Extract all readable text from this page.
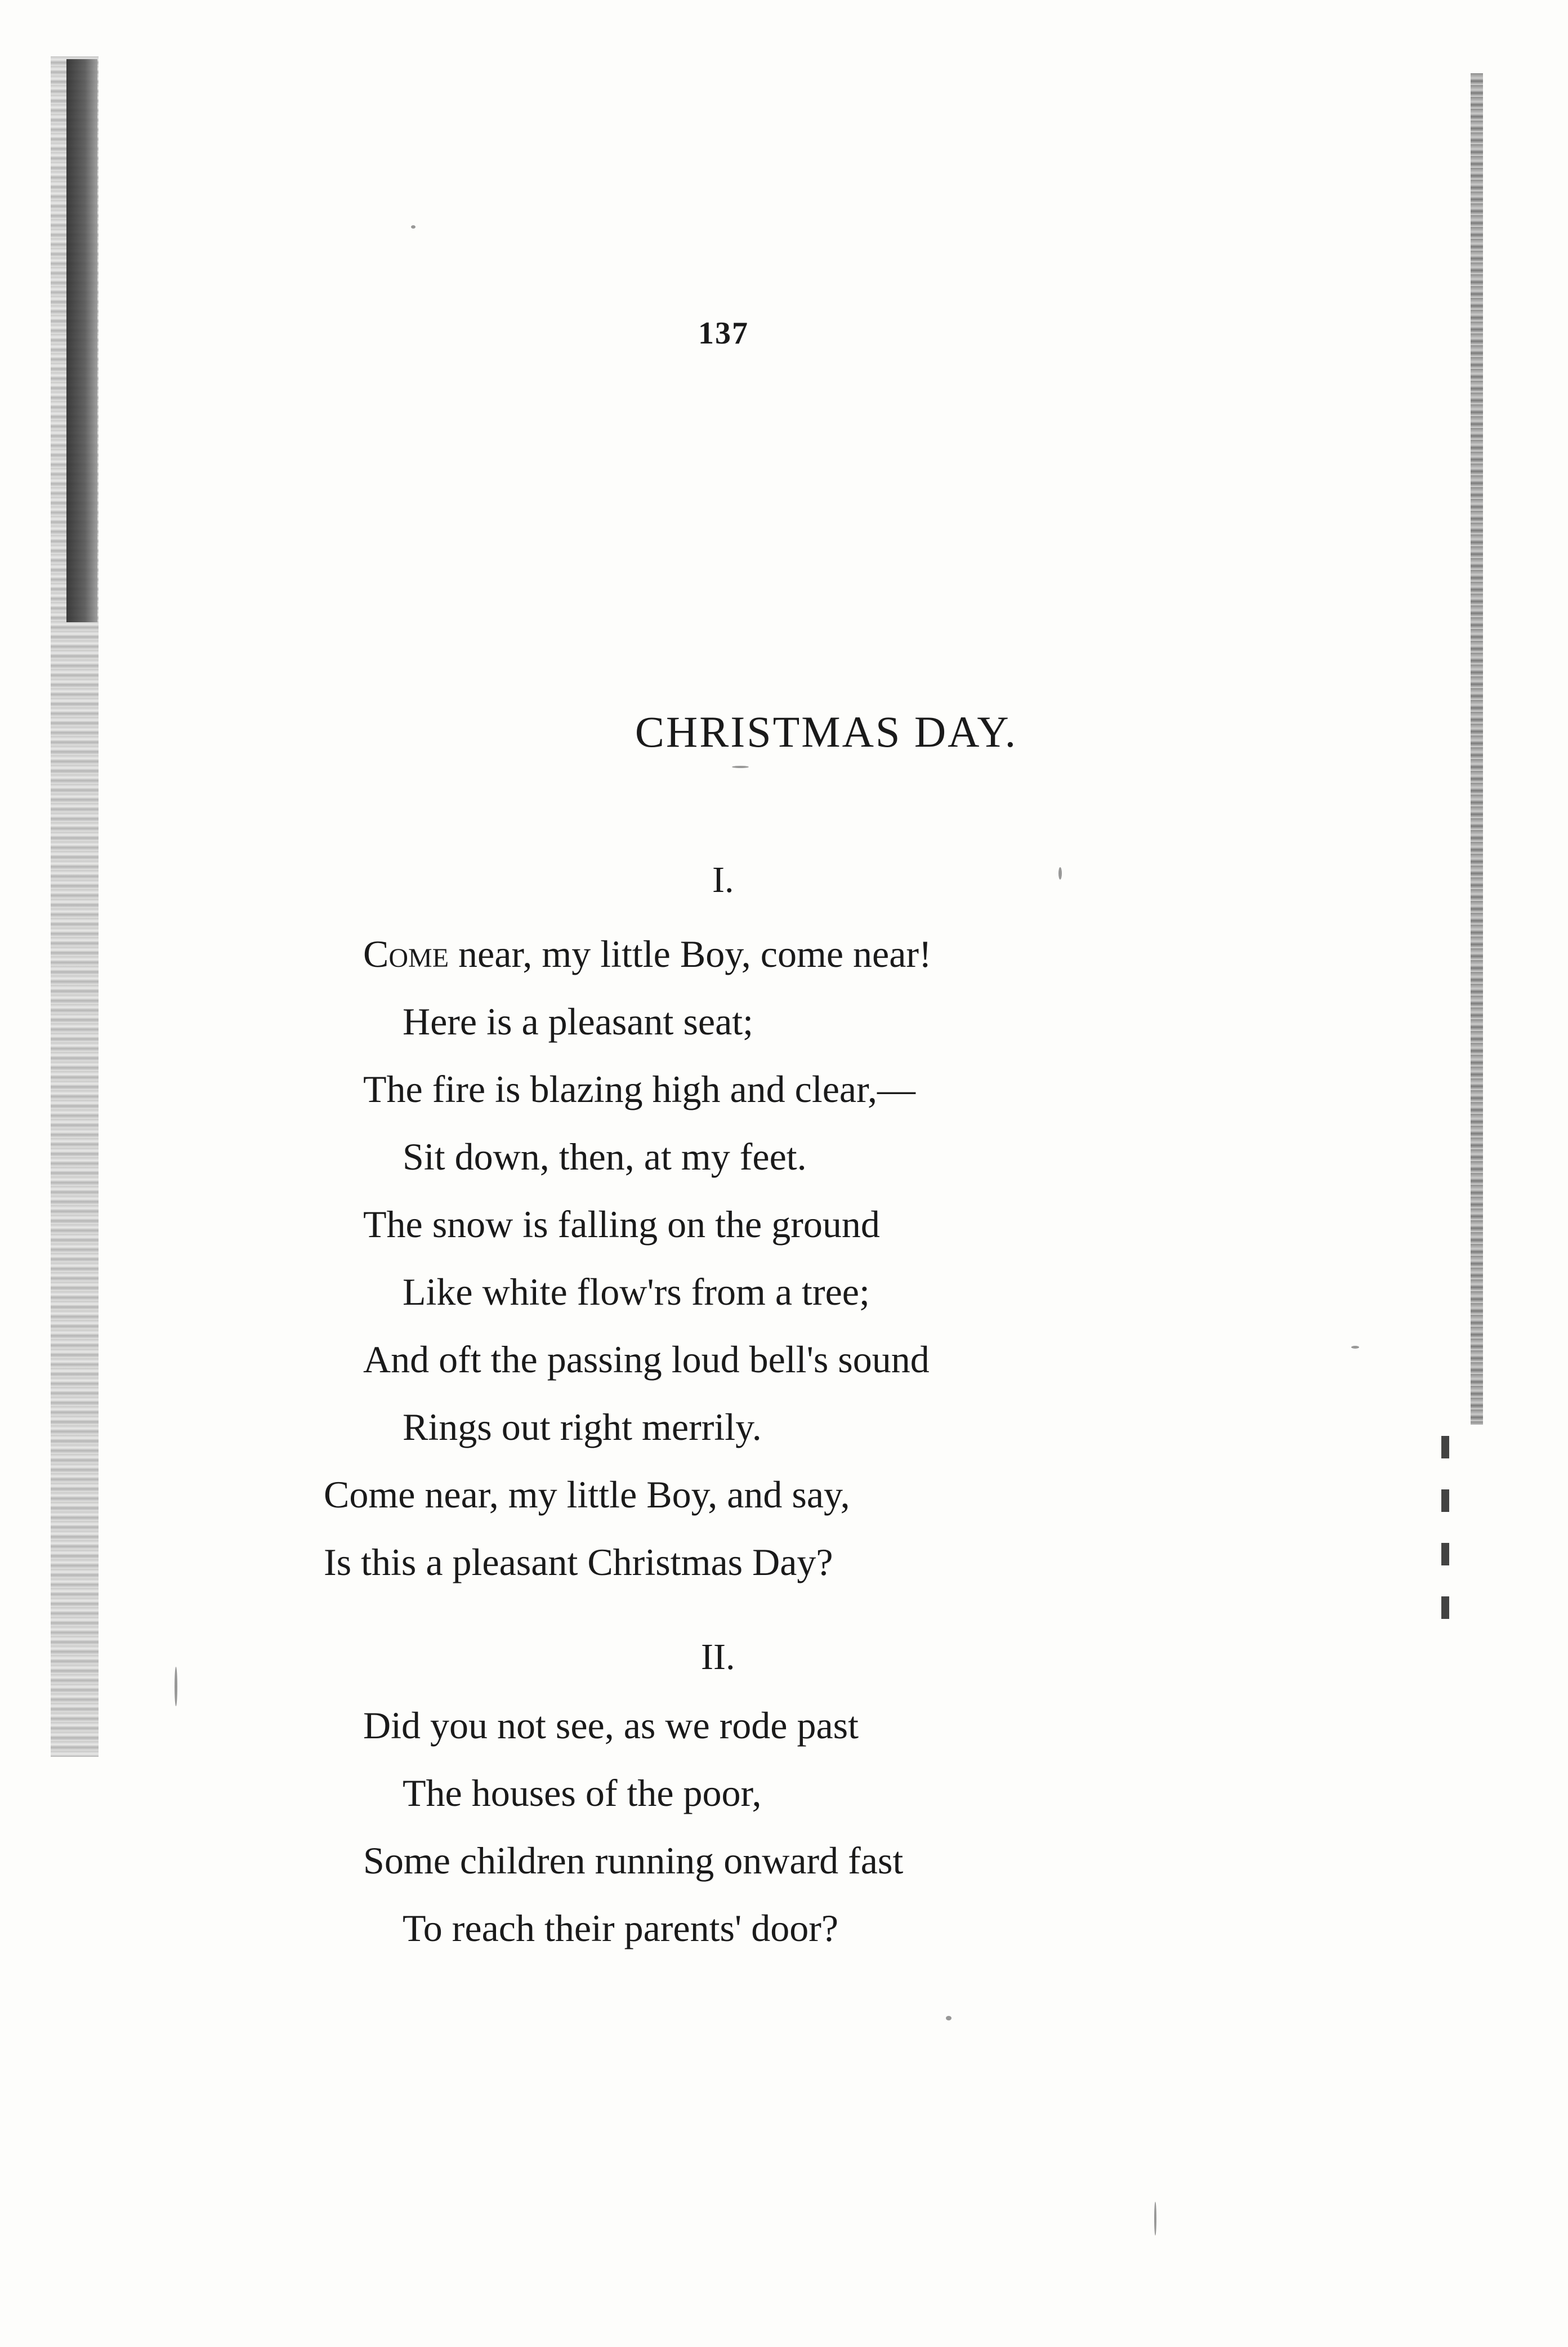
137
CHRISTMAS DAY.
I.
Come near, my little Boy, come near!
Here is a pleasant seat;
The fire is blazing high and clear,—
Sit down, then, at my feet.
The snow is falling on the ground
Like white flow'rs from a tree;
And oft the passing loud bell's sound
Rings out right merrily.
Come near, my little Boy, and say,
Is this a pleasant Christmas Day?
II.
Did you not see, as we rode past
The houses of the poor,
Some children running onward fast
To reach their parents' door?
